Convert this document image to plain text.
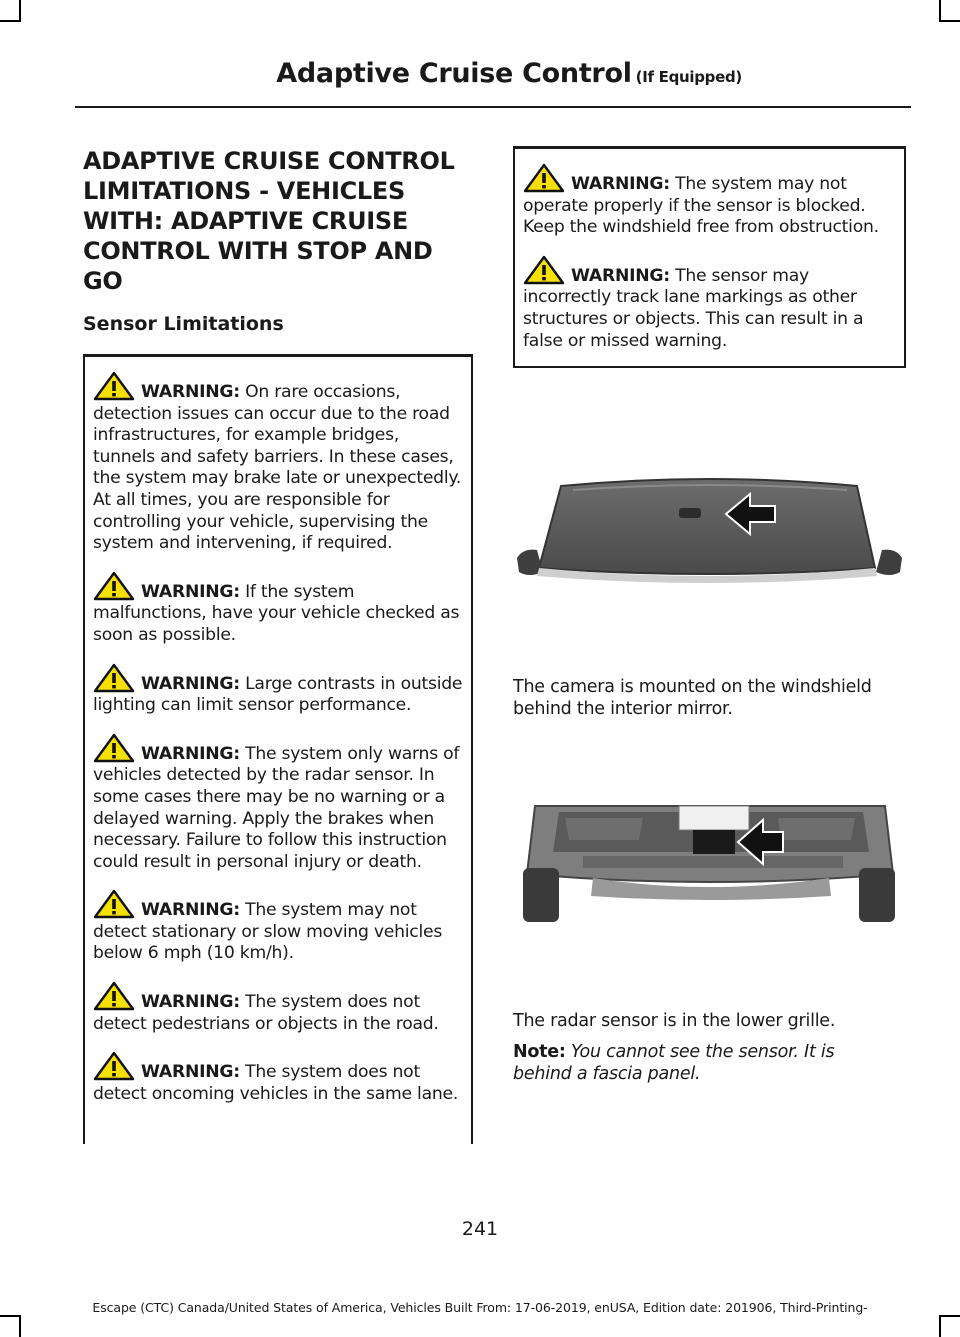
Adaptive Cruise Control (If Equipped)
ADAPTIVE CRUISE CONTROL LIMITATIONS - VEHICLES WITH: ADAPTIVE CRUISE CONTROL WITH STOP AND GO
Sensor Limitations

WARNING: On rare occasions, detection issues can occur due to the road infrastructures, for example bridges, tunnels and safety barriers. In these cases, the system may brake late or unexpectedly. At all times, you are responsible for controlling your vehicle, supervising the system and intervening, if required.

WARNING: If the system malfunctions, have your vehicle checked as soon as possible.

WARNING: Large contrasts in outside lighting can limit sensor performance.

WARNING: The system only warns of vehicles detected by the radar sensor. In some cases there may be no warning or a delayed warning. Apply the brakes when necessary. Failure to follow this instruction could result in personal injury or death.

WARNING: The system may not detect stationary or slow moving vehicles below 6 mph (10 km/h).

WARNING: The system does not detect pedestrians or objects in the road.

WARNING: The system does not detect oncoming vehicles in the same lane.

WARNING: The system may not operate properly if the sensor is blocked. Keep the windshield free from obstruction.

WARNING: The sensor may incorrectly track lane markings as other structures or objects. This can result in a false or missed warning.

The camera is mounted on the windshield behind the interior mirror.

The radar sensor is in the lower grille.

Note: You cannot see the sensor. It is behind a fascia panel.

241
Escape (CTC) Canada/United States of America, Vehicles Built From: 17-06-2019, enUSA, Edition date: 201906, Third-Printing-
